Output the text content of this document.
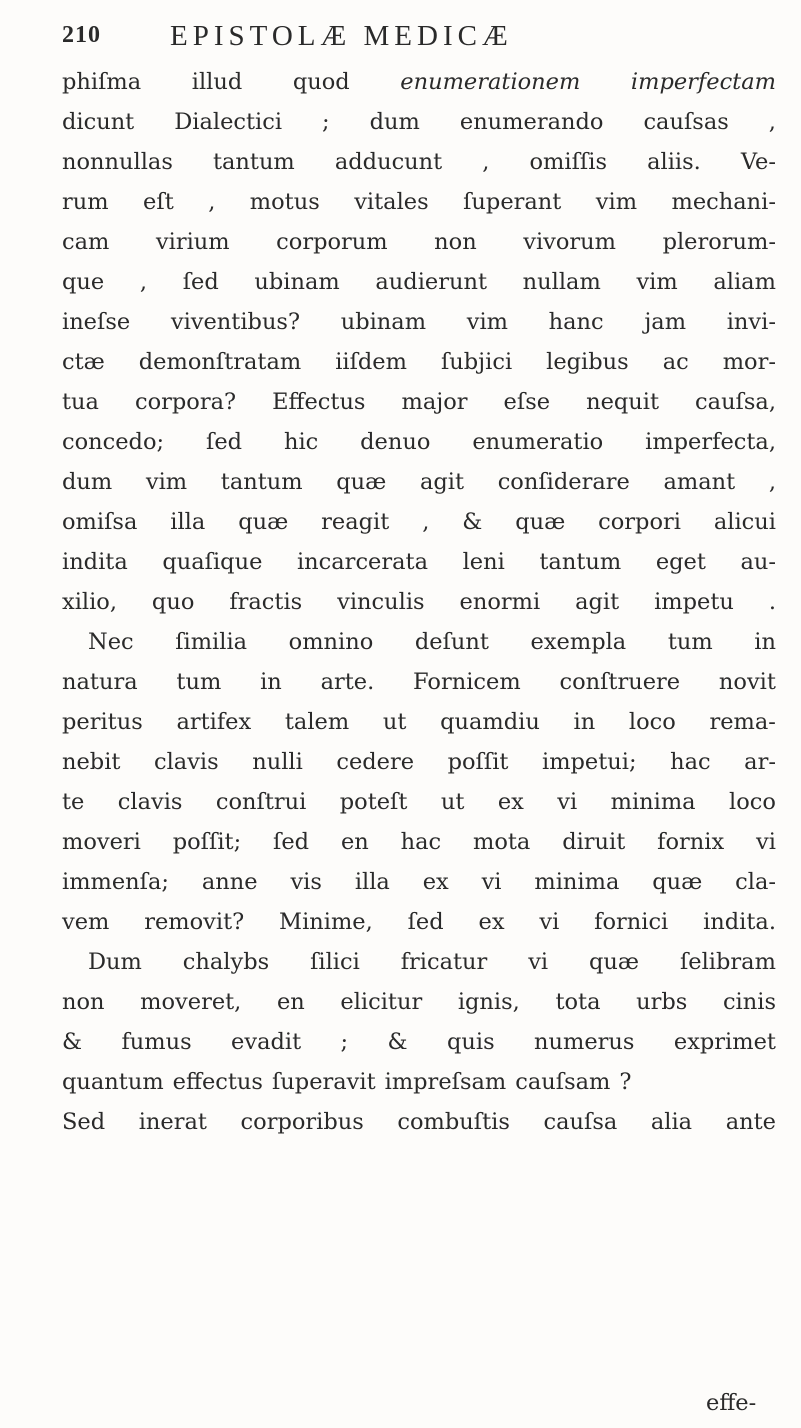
210 EPISTOLÆ MEDICÆ
phiſma illud quod enumerationem imperfectam
dicunt Dialectici ; dum enumerando cauſsas ,
nonnullas tantum adducunt , omiſſis aliis. Ve-
rum eſt , motus vitales ſuperant vim mechani-
cam virium corporum non vivorum plerorum-
que , ſed ubinam audierunt nullam vim aliam
ineſse viventibus? ubinam vim hanc jam invi-
ctæ demonſtratam iiſdem ſubjici legibus ac mor-
tua corpora? Effectus major eſse nequit cauſsa,
concedo; ſed hic denuo enumeratio imperfecta,
dum vim tantum quæ agit conſiderare amant ,
omiſsa illa quæ reagit , & quæ corpori alicui
indita quaſique incarcerata leni tantum eget au-
xilio, quo fractis vinculis enormi agit impetu .
Nec ſimilia omnino deſunt exempla tum in
natura tum in arte. Fornicem conſtruere novit
peritus artifex talem ut quamdiu in loco rema-
nebit clavis nulli cedere poſſit impetui; hac ar-
te clavis conſtrui poteſt ut ex vi minima loco
moveri poſſit; ſed en hac mota diruit fornix vi
immenſa; anne vis illa ex vi minima quæ cla-
vem removit? Minime, ſed ex vi fornici indita.
Dum chalybs ſilici fricatur vi quæ ſelibram
non moveret, en elicitur ignis, tota urbs cinis
& fumus evadit ; & quis numerus exprimet
quantum effectus ſuperavit impreſsam cauſsam ?
Sed inerat corporibus combuſtis cauſsa alia ante
effe-
